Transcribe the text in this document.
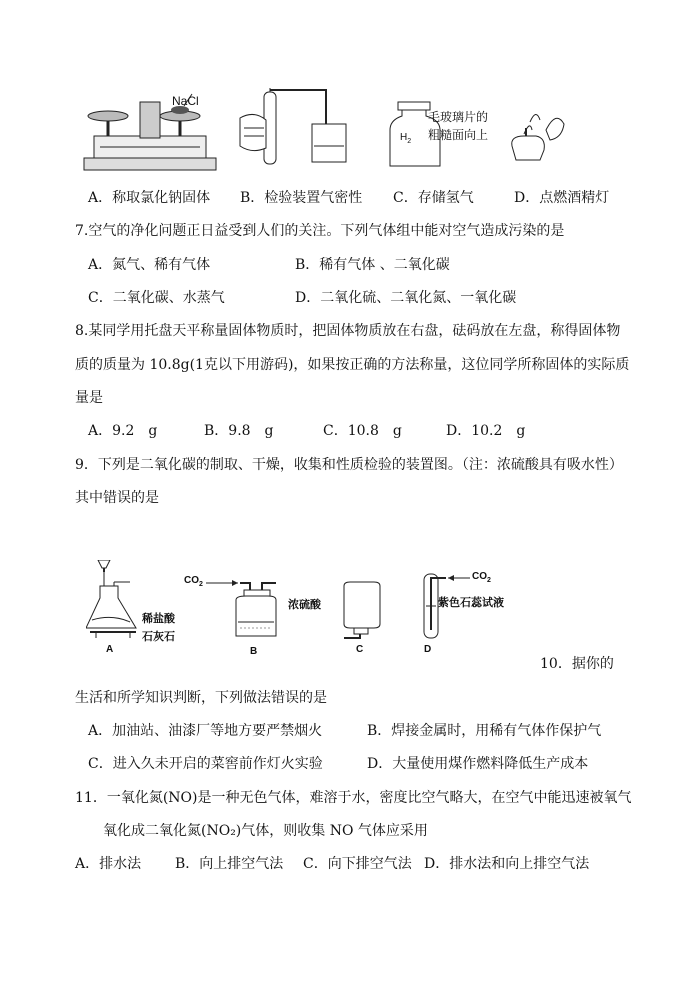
NaCl
$H_2$
毛玻璃片的
粗糙面向上
A．称取氯化钠固体 B．检验装置气密性 C．存储氢气	D．点燃酒精灯
7.空气的净化问题正日益受到人们的关注。下列气体组中能对空气造成污染的是
A．氮气、稀有气体	B．稀有气体 、二氧化碳
C．二氧化碳、水蒸气	D．二氧化硫、二氧化氮、一氧化碳
8.某同学用托盘天平称量固体物质时，把固体物质放在右盘，砝码放在左盘，称得固体物
质的质量为 10.8g(1克以下用游码)，如果按正确的方法称量，这位同学所称固体的实际质
量是
A．9.2　g	B．9.8　g	C．10.8　g	D．10.2　g
9．下列是二氧化碳的制取、干燥，收集和性质检验的装置图。（注：浓硫酸具有吸水性）
其中错误的是
稀盐酸
石灰石
A
$CO_2$
浓硫酸
B	C
$CO_2$
紫色石蕊试液
D
10．据你的
生活和所学知识判断，下列做法错误的是
A．加油站、油漆厂等地方要严禁烟火	B．焊接金属时，用稀有气体作保护气
C．进入久未开启的菜窖前作灯火实验	D．大量使用煤作燃料降低生产成本
11．一氧化氮(NO)是一种无色气体，难溶于水，密度比空气略大，在空气中能迅速被氧气
氧化成二氧化氮(NO₂)气体，则收集 NO 气体应采用
A．排水法 B．向上排空气法 C．向下排空气法 D．排水法和向上排空气法
